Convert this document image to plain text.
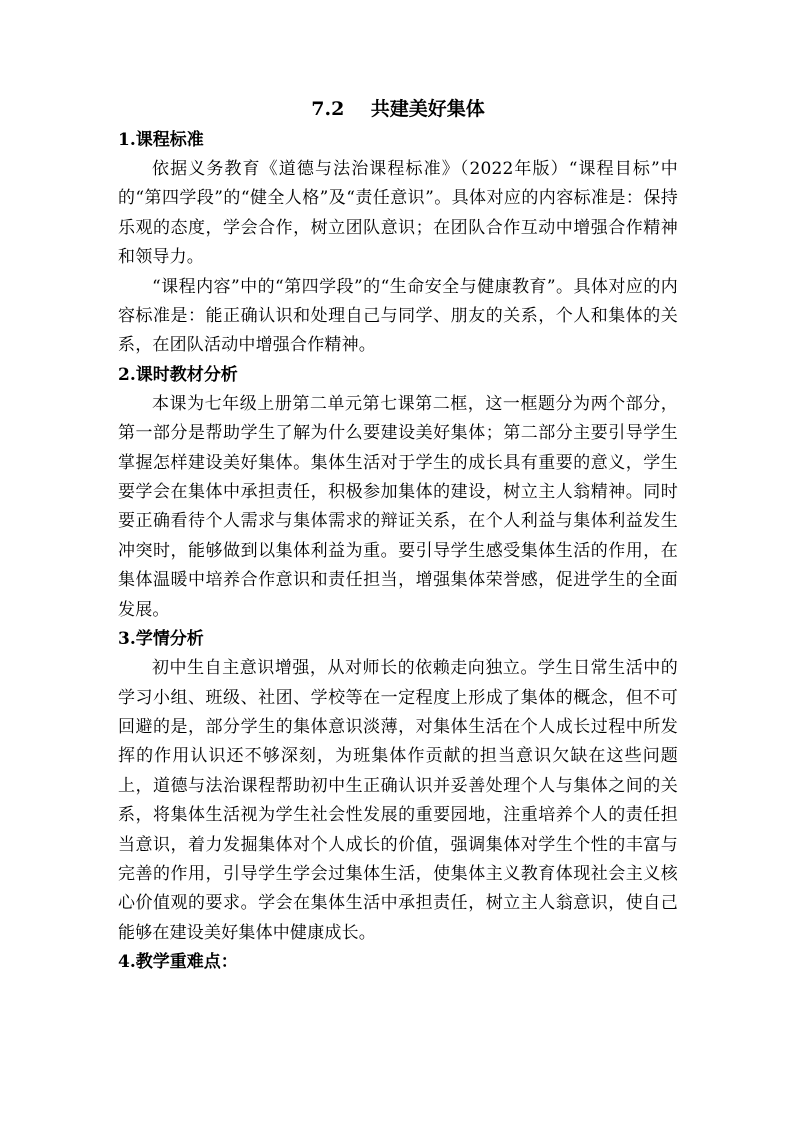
7.2    共建美好集体
1.课程标准

依据义务教育《道德与法治课程标准》（2022年版）“课程目标”中的“第四学段”的“健全人格”及“责任意识”。具体对应的内容标准是：保持乐观的态度，学会合作，树立团队意识；在团队合作互动中增强合作精神和领导力。

“课程内容”中的“第四学段”的“生命安全与健康教育”。具体对应的内容标准是：能正确认识和处理自己与同学、朋友的关系，个人和集体的关系，在团队活动中增强合作精神。

2.课时教材分析

本课为七年级上册第二单元第七课第二框，这一框题分为两个部分，第一部分是帮助学生了解为什么要建设美好集体；第二部分主要引导学生掌握怎样建设美好集体。集体生活对于学生的成长具有重要的意义，学生要学会在集体中承担责任，积极参加集体的建设，树立主人翁精神。同时要正确看待个人需求与集体需求的辩证关系，在个人利益与集体利益发生冲突时，能够做到以集体利益为重。要引导学生感受集体生活的作用，在集体温暖中培养合作意识和责任担当，增强集体荣誉感，促进学生的全面发展。

3.学情分析

初中生自主意识增强，从对师长的依赖走向独立。学生日常生活中的学习小组、班级、社团、学校等在一定程度上形成了集体的概念，但不可回避的是，部分学生的集体意识淡薄，对集体生活在个人成长过程中所发挥的作用认识还不够深刻，为班集体作贡献的担当意识欠缺在这些问题上，道德与法治课程帮助初中生正确认识并妥善处理个人与集体之间的关系，将集体生活视为学生社会性发展的重要园地，注重培养个人的责任担当意识，着力发掘集体对个人成长的价值，强调集体对学生个性的丰富与完善的作用，引导学生学会过集体生活，使集体主义教育体现社会主义核心价值观的要求。学会在集体生活中承担责任，树立主人翁意识，使自己能够在建设美好集体中健康成长。

4.教学重难点：
